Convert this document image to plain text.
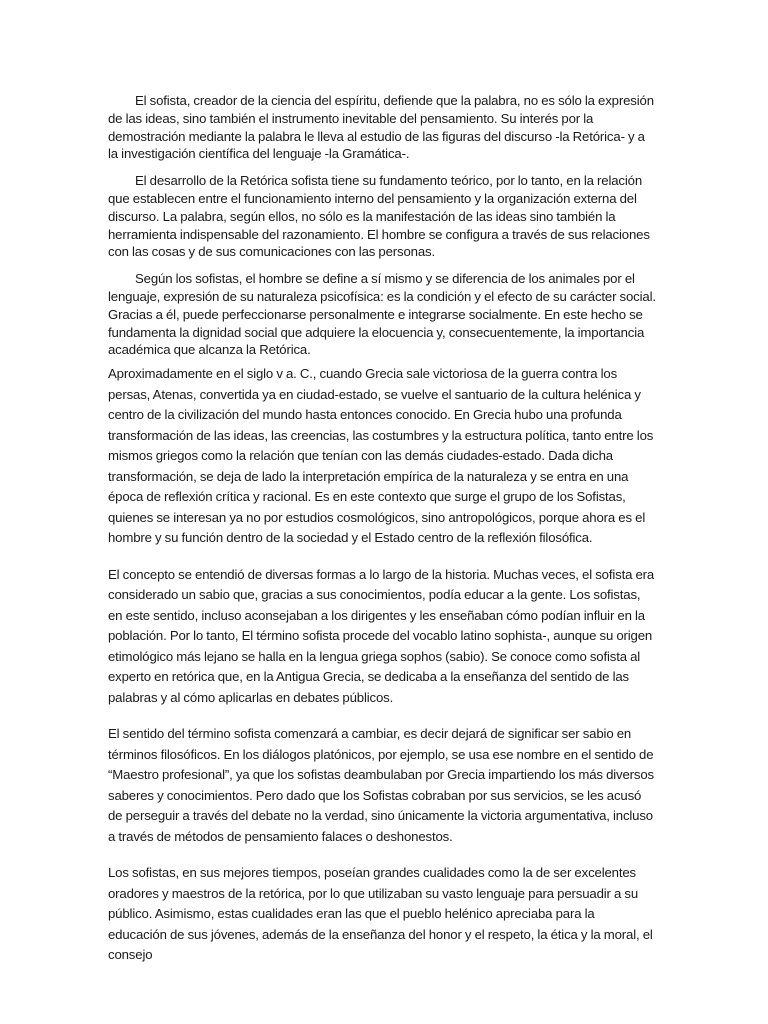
El sofista, creador de la ciencia del espíritu, defiende que la palabra, no es sólo la expresión de las ideas, sino también el instrumento inevitable del pensamiento. Su interés por la demostración mediante la palabra le lleva al estudio de las figuras del discurso -la Retórica- y a la investigación científica del lenguaje -la Gramática-.

El desarrollo de la Retórica sofista tiene su fundamento teórico, por lo tanto, en la relación que establecen entre el funcionamiento interno del pensamiento y la organización externa del discurso. La palabra, según ellos, no sólo es la manifestación de las ideas sino también la herramienta indispensable del razonamiento. El hombre se configura a través de sus relaciones con las cosas y de sus comunicaciones con las personas.

Según los sofistas, el hombre se define a sí mismo y se diferencia de los animales por el lenguaje, expresión de su naturaleza psicofísica: es la condición y el efecto de su carácter social. Gracias a él, puede perfeccionarse personalmente e integrarse socialmente. En este hecho se fundamenta la dignidad social que adquiere la elocuencia y, consecuentemente, la importancia académica que alcanza la Retórica.

Aproximadamente en el siglo v a. C., cuando Grecia sale victoriosa de la guerra contra los persas, Atenas, convertida ya en ciudad-estado, se vuelve el santuario de la cultura helénica y centro de la civilización del mundo hasta entonces conocido. En Grecia hubo una profunda transformación de las ideas, las creencias, las costumbres y la estructura política, tanto entre los mismos griegos como la relación que tenían con las demás ciudades-estado. Dada dicha transformación, se deja de lado la interpretación empírica de la naturaleza y se entra en una época de reflexión crítica y racional. Es en este contexto que surge el grupo de los Sofistas, quienes se interesan ya no por estudios cosmológicos, sino antropológicos, porque ahora es el hombre y su función dentro de la sociedad y el Estado centro de la reflexión filosófica.

El concepto se entendió de diversas formas a lo largo de la historia. Muchas veces, el sofista era considerado un sabio que, gracias a sus conocimientos, podía educar a la gente. Los sofistas, en este sentido, incluso aconsejaban a los dirigentes y les enseñaban cómo podían influir en la población. Por lo tanto, El término sofista procede del vocablo latino sophista-, aunque su origen etimológico más lejano se halla en la lengua griega sophos (sabio). Se conoce como sofista al experto en retórica que, en la Antigua Grecia, se dedicaba a la enseñanza del sentido de las palabras y al cómo aplicarlas en debates públicos.

El sentido del término sofista comenzará a cambiar, es decir dejará de significar ser sabio en términos filosóficos. En los diálogos platónicos, por ejemplo, se usa ese nombre en el sentido de “Maestro profesional”, ya que los sofistas deambulaban por Grecia impartiendo los más diversos saberes y conocimientos. Pero dado que los Sofistas cobraban por sus servicios, se les acusó de perseguir a través del debate no la verdad, sino únicamente la victoria argumentativa, incluso a través de métodos de pensamiento falaces o deshonestos.

Los sofistas, en sus mejores tiempos, poseían grandes cualidades como la de ser excelentes oradores y maestros de la retórica, por lo que utilizaban su vasto lenguaje para persuadir a su público. Asimismo, estas cualidades eran las que el pueblo helénico apreciaba para la educación de sus jóvenes, además de la enseñanza del honor y el respeto, la ética y la moral, el consejo
